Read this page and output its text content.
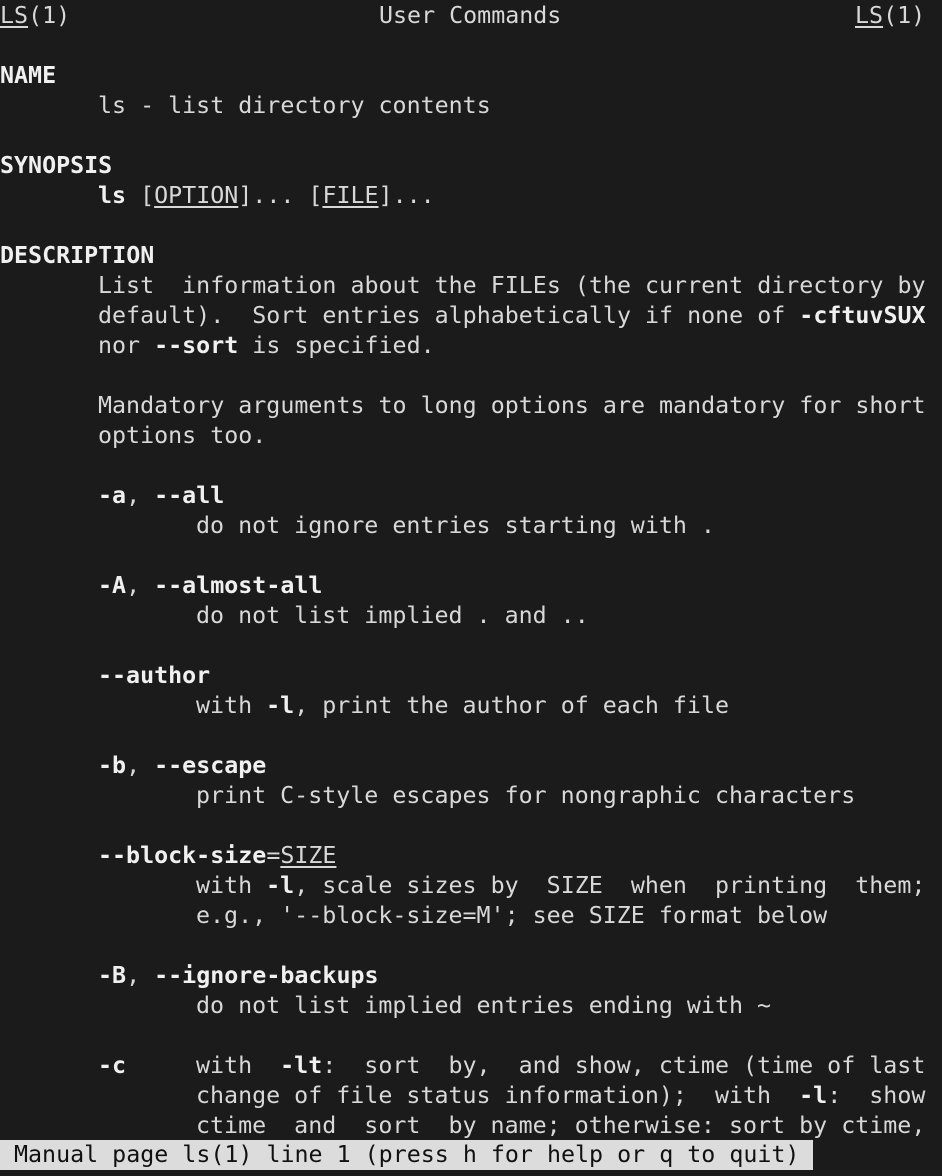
LS(1)	User Commands	LS(1)
NAME
ls - list directory contents
SYNOPSIS
ls [OPTION]... [FILE]...
DESCRIPTION
List  information about the FILEs (the current directory by
default).  Sort entries alphabetically if none of -cftuvSUX
nor --sort is specified.
Mandatory arguments to long options are mandatory for short
options too.
-a, --all
do not ignore entries starting with .
-A, --almost-all
do not list implied . and ..
--author
with -l, print the author of each file
-b, --escape
print C-style escapes for nongraphic characters
--block-size=SIZE
with -l, scale sizes by  SIZE  when  printing  them;
e.g., '--block-size=M'; see SIZE format below
-B, --ignore-backups
do not list implied entries ending with ~
-c	with  -lt:  sort  by,  and show, ctime (time of last
change of file status information);  with  -l:  show
ctime  and  sort  by name; otherwise: sort by ctime,
Manual page ls(1) line 1 (press h for help or q to quit)
